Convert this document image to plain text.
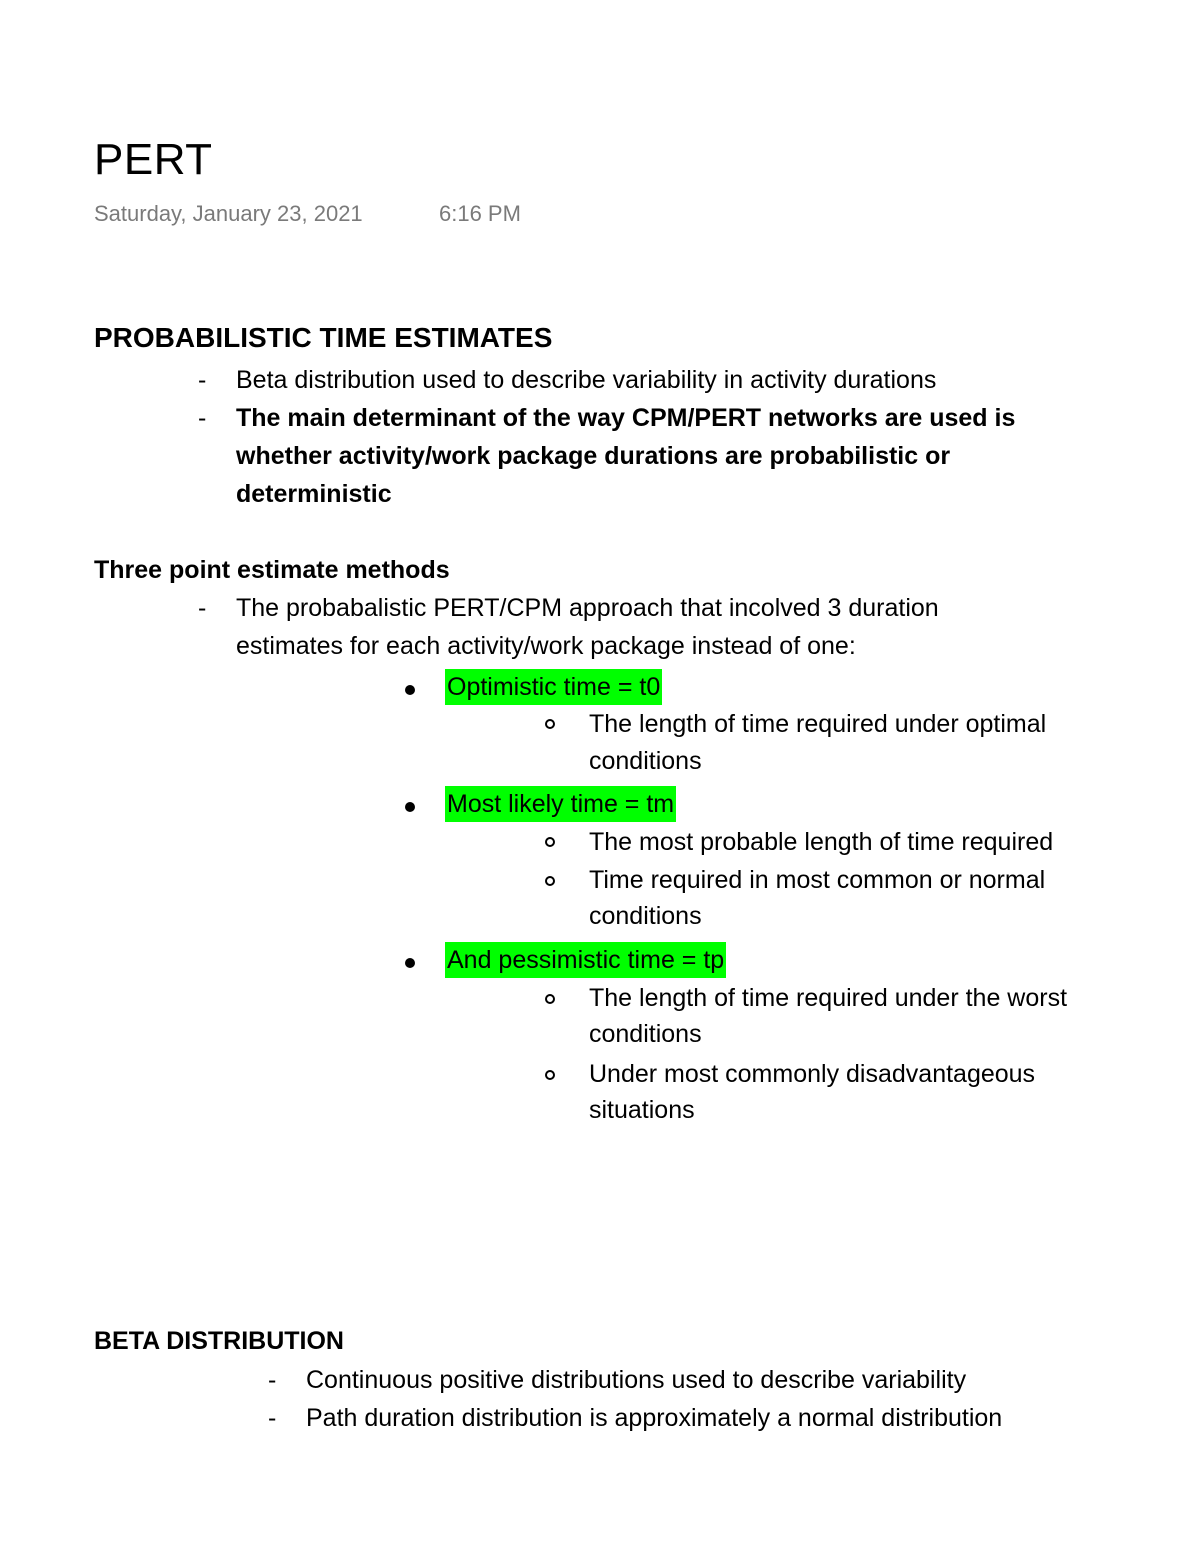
PERT
Saturday, January 23, 2021	6:16 PM
PROBABILISTIC TIME ESTIMATES
- Beta distribution used to describe variability in activity durations
- The main determinant of the way CPM/PERT networks are used is
whether activity/work package durations are probabilistic or
deterministic
Three point estimate methods
- The probabalistic PERT/CPM approach that incolved 3 duration
estimates for each activity/work package instead of one:
Optimistic time = t0
The length of time required under optimal
conditions
Most likely time = tm
The most probable length of time required
Time required in most common or normal
conditions
And pessimistic time = tp
The length of time required under the worst
conditions
Under most commonly disadvantageous
situations
BETA DISTRIBUTION
- Continuous positive distributions used to describe variability
- Path duration distribution is approximately a normal distribution
